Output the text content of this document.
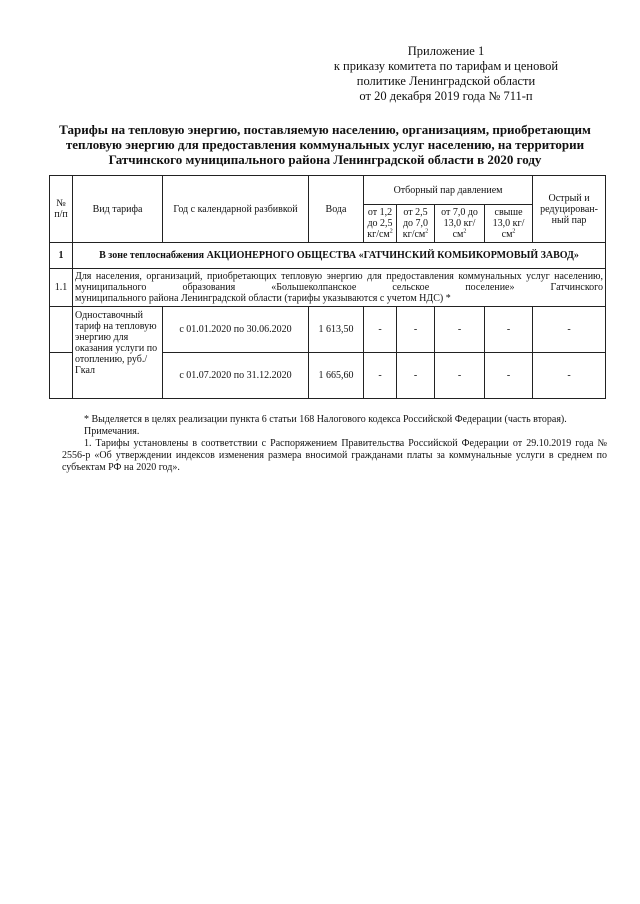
Приложение 1
к приказу комитета по тарифам и ценовой
политике Ленинградской области
от 20 декабря 2019 года № 711-п
Тарифы на тепловую энергию, поставляемую населению, организациям, приобретающим
тепловую энергию для предоставления коммунальных услуг населению, на территории
Гатчинского муниципального района Ленинградской области в 2020 году
№ п/п	Вид тарифа	Год с календарной разбивкой	Вода	Отборный пар давлением				Острый и редуцирован-ный пар
				от 1,2 до 2,5 $кг/см^2$	от 2,5 до 7,0 $кг/см^2$	от 7,0 до 13,0 $кг/см^2$	свыше 13,0 $кг/см^2$
1	В зоне теплоснабжения АКЦИОНЕРНОГО ОБЩЕСТВА «ГАТЧИНСКИЙ КОМБИКОРМОВЫЙ ЗАВОД»							
1.1	Для населения, организаций, приобретающих тепловую энергию для предоставления коммунальных услуг населению, муниципального образования «Большеколпанское сельское поселение» Гатчинского
муниципального района Ленинградской области (тарифы указываются с учетом НДС) *							

	Одноставочный тариф на тепловую энергию для оказания услуги по отоплению, руб./Гкал	с 01.01.2020 по 30.06.2020	1 613,50	-	-	-	-	-
		с 01.07.2020 по 31.12.2020	1 665,60	-	-	-	-	-

* Выделяется в целях реализации пункта 6 статьи 168 Налогового кодекса Российской Федерации (часть вторая).

Примечания.

1. Тарифы установлены в соответствии с Распоряжением Правительства Российской Федерации от 29.10.2019 года № 2556-р «Об утверждении индексов изменения размера вносимой гражданами платы за коммунальные услуги в среднем по субъектам РФ на 2020 год».
